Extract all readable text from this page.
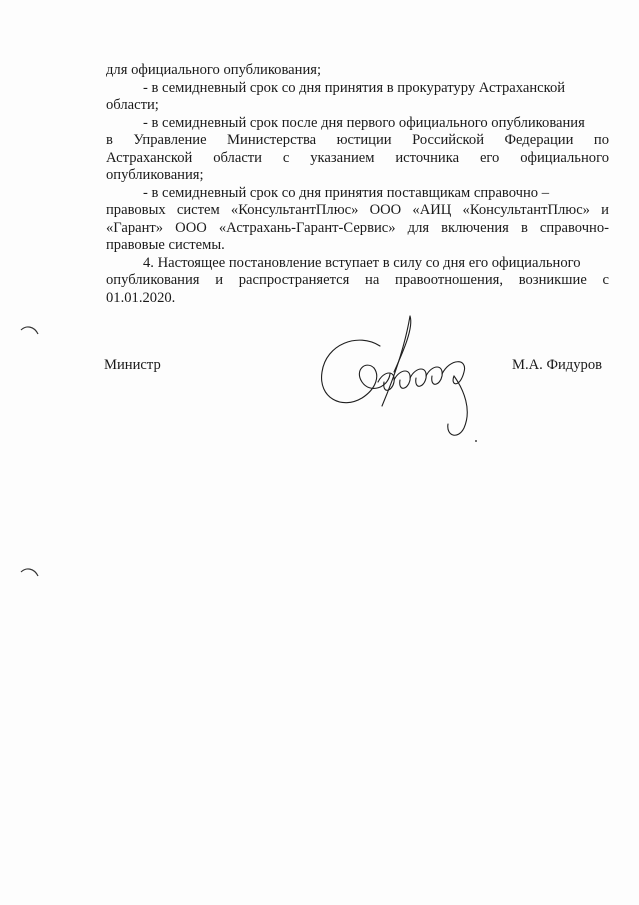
для официального опубликования;
- в семидневный срок со дня принятия в прокуратуру Астраханской
области;
- в семидневный срок после дня первого официального опубликования
в Управление Министерства юстиции Российской Федерации по
Астраханской области с указанием источника его официального
опубликования;
- в семидневный срок со дня принятия поставщикам справочно –
правовых систем «КонсультантПлюс» ООО «АИЦ «КонсультантПлюс» и
«Гарант» ООО «Астрахань-Гарант-Сервис» для включения в справочно-
правовые системы.
4. Настоящее постановление вступает в силу со дня его официального
опубликования и распространяется на правоотношения, возникшие с
01.01.2020.
Министр	М.А. Фидуров
